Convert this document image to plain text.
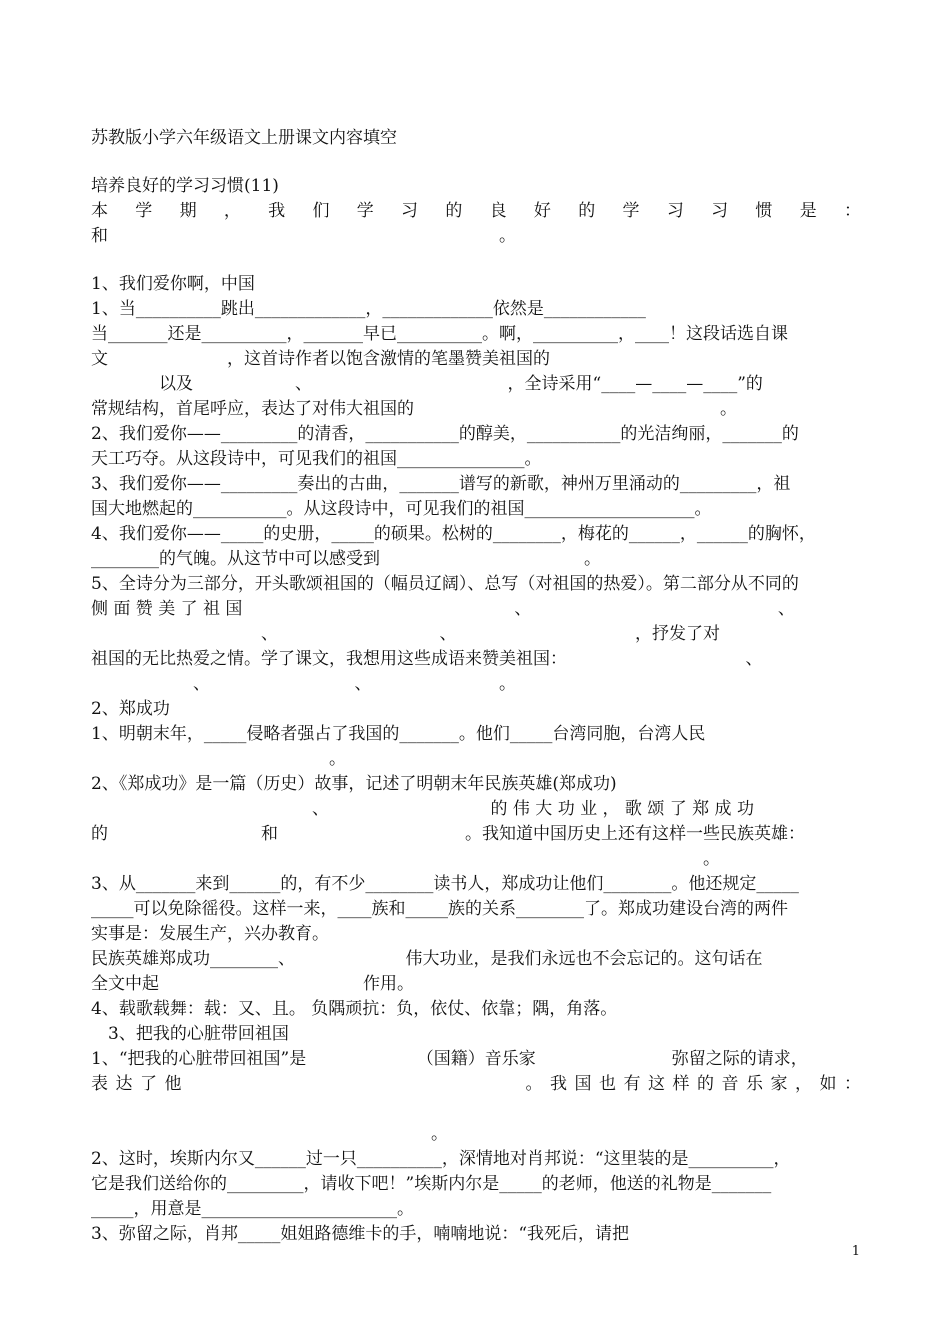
苏教版小学六年级语文上册课文内容填空
培养良好的学习习惯(11)
本 学 期 ， 我 们 学 习 的 良 好 的 学 习 习 惯 是 ：
和　　　　　　　　　　　　　　　　　　　　　　　。
1、我们爱你啊，中国
1、当__________跳出_____________，_____________依然是____________
当_______还是__________，_______早已__________。啊，__________，____！这段话选自课
文　　　　　　　，这首诗作者以饱含激情的笔墨赞美祖国的
　　　　以及　　　　　　、　　　　　　　　　　　　，全诗采用“____—____—____”的
常规结构，首尾呼应，表达了对伟大祖国的　　　　　　　　　　　　　　　　　　。
2、我们爱你——_________的清香，___________的醇美，___________的光洁绚丽，_______的
天工巧夺。从这段诗中，可见我们的祖国_______________。
3、我们爱你——_________奏出的古曲，_______谱写的新歌，神州万里涌动的_________，祖
国大地燃起的___________。从这段诗中，可见我们的祖国____________________。
4、我们爱你——_____的史册，_____的硕果。松树的________，梅花的______，______的胸怀，
________的气魄。从这节中可以感受到　　　　　　　　　　　　。
5、全诗分为三部分，开头歌颂祖国的（幅员辽阔）、总写（对祖国的热爱）。第二部分从不同的
侧 面 赞 美 了 祖 国　　　　　　　　　　　　　　　　、　　　　　　　　　　　　　　　、
　　　　　　　　　　、　　　　　　　　　　、　　　　　　　　　　　，抒发了对
祖国的无比热爱之情。学了课文，我想用这些成语来赞美祖国：　　　　　　　　　　　、
　　　　　　、　　　　　　　　　、　　　　　　　　。
2、郑成功
1、明朝末年，_____侵略者强占了我国的_______。他们_____台湾同胞，台湾人民
　　　　　　　　　　　　　　。
2、《郑成功》是一篇（历史）故事，记述了明朝末年民族英雄(郑成功)
　　　　　　　　　　　　　、　　　　　　　　　　的 伟 大 功 业 ， 歌 颂 了 郑 成 功
的　　　　　　　　　和　　　　　　　　　　　。我知道中国历史上还有这样一些民族英雄：
　　　　　　　　　　　　　　　　　　　　　　　　　　　　　　　　　　　　。
3、从_______来到______的，有不少________读书人，郑成功让他们________。他还规定_____
_____可以免除徭役。这样一来，____族和_____族的关系________了。郑成功建设台湾的两件
实事是：发展生产，兴办教育。
民族英雄郑成功________、　　　　　　　伟大功业，是我们永远也不会忘记的。这句话在
全文中起　　　　　　　　　　　　作用。
4、载歌载舞：载：又、且。 负隅顽抗：负，依仗、依靠；隅，角落。
　3、把我的心脏带回祖国
1、“把我的心脏带回祖国”是　　　　　　　（国籍）音乐家　　　　　　　　弥留之际的请求，
表 达 了 他　　　　　　　　　　　　　　　　　　　。 我 国 也 有 这 样 的 音 乐 家 ， 如 ：
　　　　　　　　　　　　　　　　　　　　。
2、这时，埃斯内尔又______过一只__________，深情地对肖邦说：“这里装的是__________，
它是我们送给你的_________，请收下吧！”埃斯内尔是_____的老师，他送的礼物是_______
_____，用意是_______________________。
3、弥留之际，肖邦_____姐姐路德维卡的手，喃喃地说：“我死后，请把
1
